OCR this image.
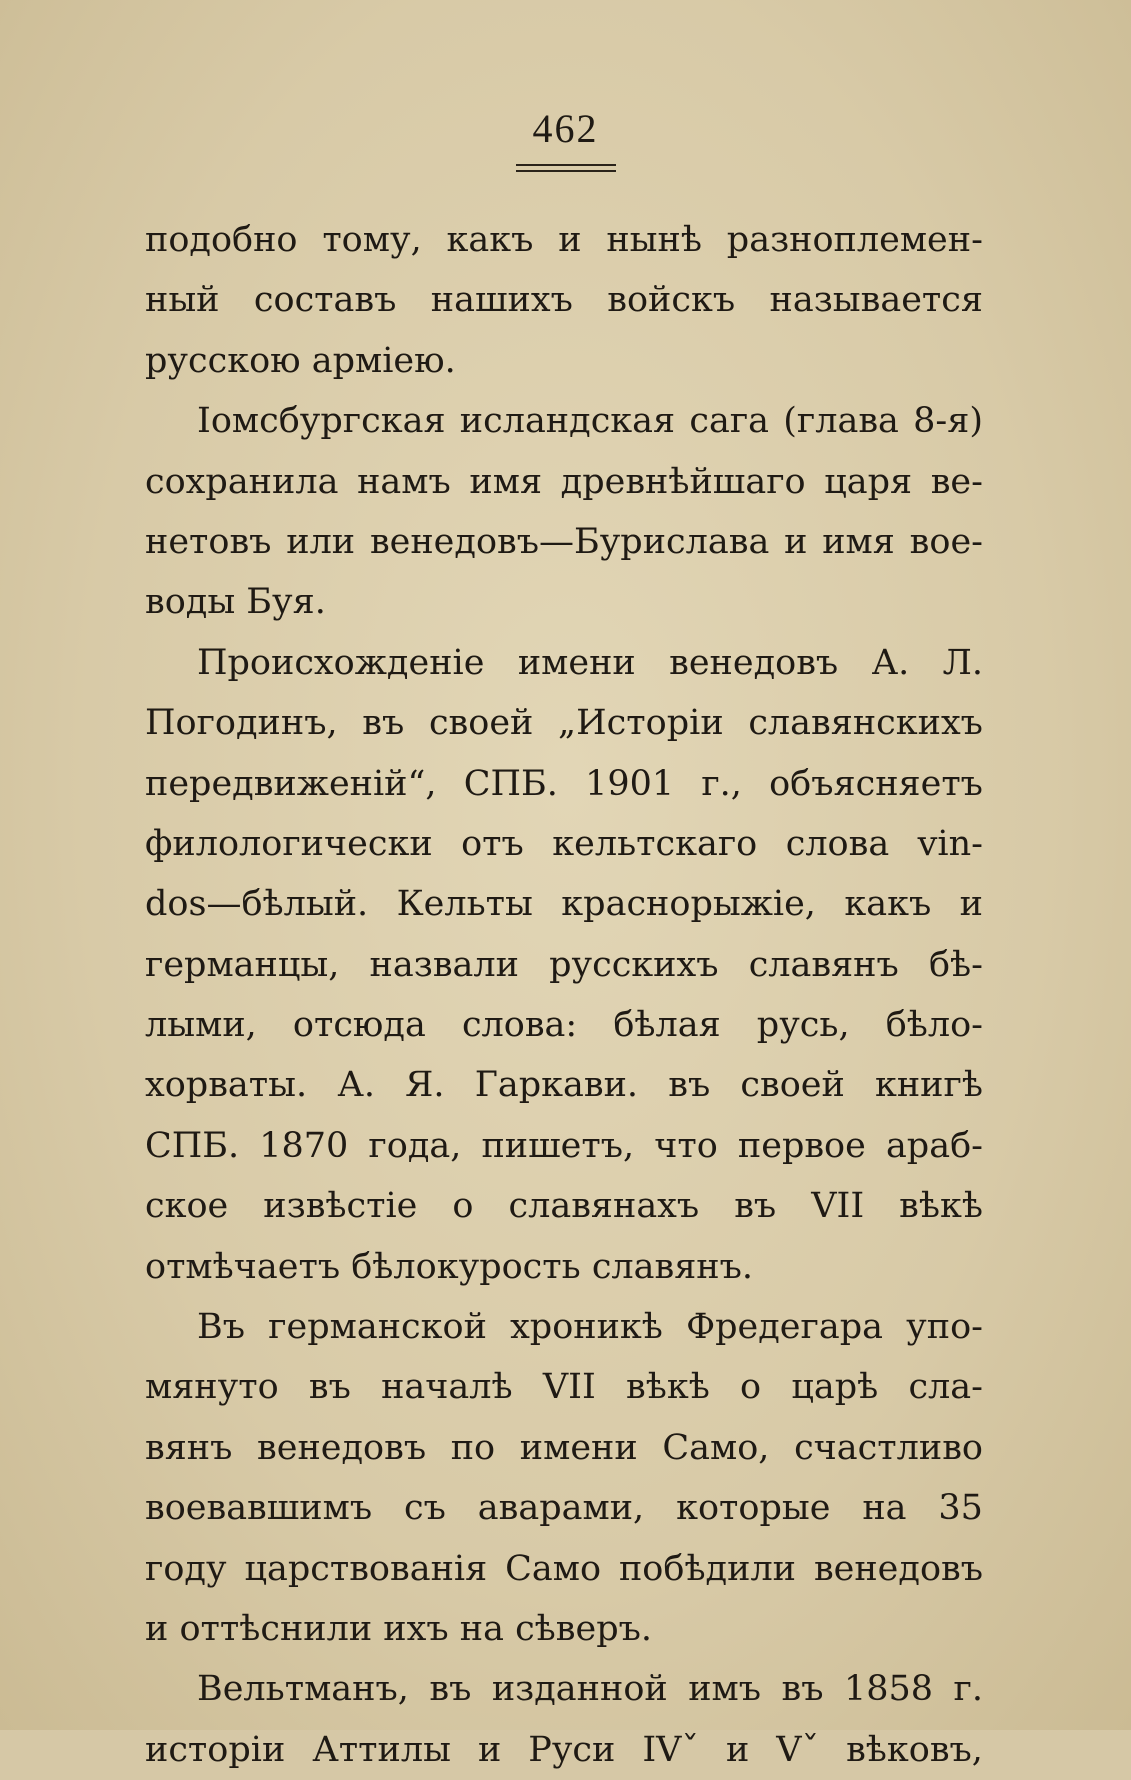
462
подобно тому, какъ и нынѣ разноплемен-
ный составъ нашихъ войскъ называется
русскою арміею.
Іомсбургская исландская сага (глава 8-я)
сохранила намъ имя древнѣйшаго царя ве-
нетовъ или венедовъ—Бурислава и имя вое-
воды Буя.
Происхожденіе имени венедовъ А. Л.
Погодинъ, въ своей „Исторіи славянскихъ
передвиженій“, СПБ. 1901 г., объясняетъ
филологически отъ кельтскаго слова vin-
dos—бѣлый. Кельты краснорыжіе, какъ и
германцы, назвали русскихъ славянъ бѣ-
лыми, отсюда слова: бѣлая русь, бѣло-
хорваты. А. Я. Гаркави. въ своей книгѣ
СПБ. 1870 года, пишетъ, что первое араб-
ское извѣстіе о славянахъ въ VII вѣкѣ
отмѣчаетъ бѣлокурость славянъ.
Въ германской хроникѣ Фредегара упо-
мянуто въ началѣ VII вѣкѣ о царѣ сла-
вянъ венедовъ по имени Само, счастливо
воевавшимъ съ аварами, которые на 35
году царствованія Само побѣдили венедовъ
и оттѣснили ихъ на сѣверъ.
Вельтманъ, въ изданной имъ въ 1858 г.
исторіи Аттилы и Руси IVˇ и Vˇ вѣковъ,
